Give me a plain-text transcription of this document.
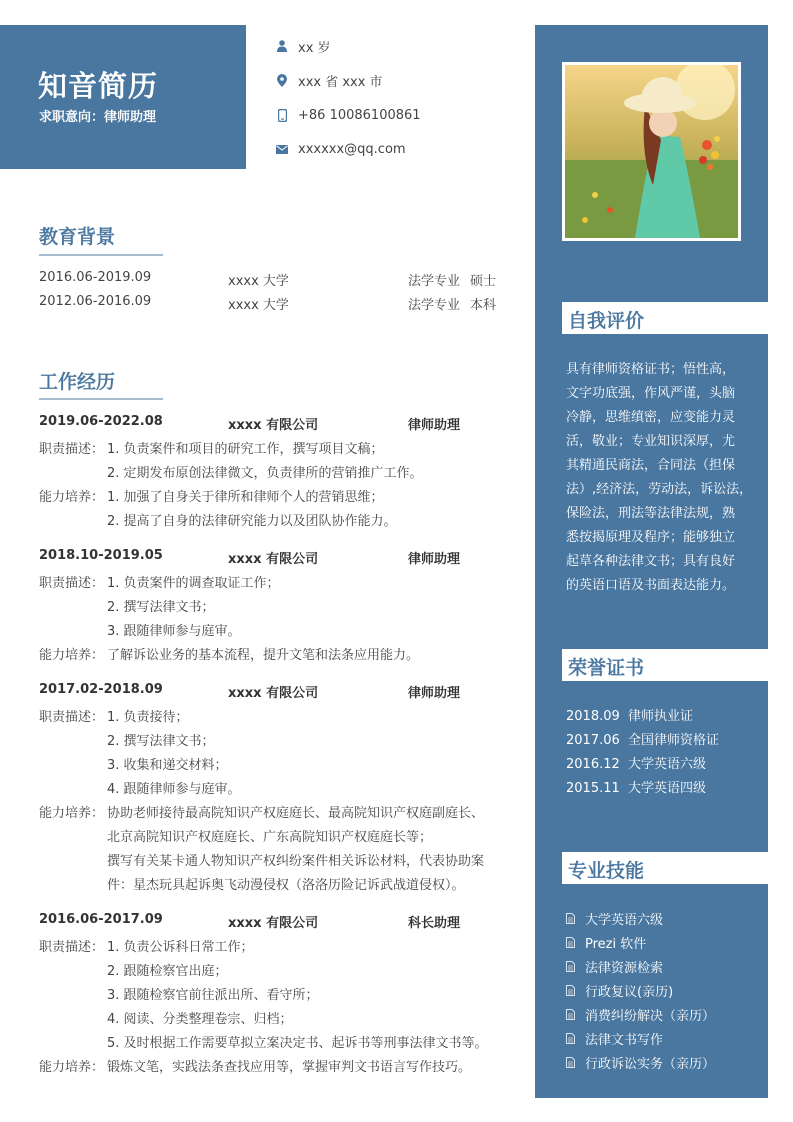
知音简历
求职意向：律师助理
xx 岁
xxx 省 xxx 市
+86 10086100861
xxxxxx@qq.com
教育背景
2016.06-2019.09	xxxx 大学	法学专业 硕士
2012.06-2016.09	xxxx 大学	法学专业 本科
工作经历
2019.06-2022.08	xxxx 有限公司	律师助理
职责描述： 1. 负责案件和项目的研究工作，撰写项目文稿；
2. 定期发布原创法律微文，负责律所的营销推广工作。
能力培养： 1. 加强了自身关于律所和律师个人的营销思维；
2. 提高了自身的法律研究能力以及团队协作能力。
2018.10-2019.05	xxxx 有限公司	律师助理
职责描述： 1. 负责案件的调查取证工作；
2. 撰写法律文书；
3. 跟随律师参与庭审。
能力培养： 了解诉讼业务的基本流程，提升文笔和法条应用能力。
2017.02-2018.09	xxxx 有限公司	律师助理
职责描述： 1. 负责接待；
2. 撰写法律文书；
3. 收集和递交材料；
4. 跟随律师参与庭审。
能力培养： 协助老师接待最高院知识产权庭庭长、最高院知识产权庭副庭长、
北京高院知识产权庭庭长、广东高院知识产权庭庭长等；
撰写有关某卡通人物知识产权纠纷案件相关诉讼材料，代表协助案
件：星杰玩具起诉奥飞动漫侵权（洛洛历险记诉武战道侵权）。
2016.06-2017.09	xxxx 有限公司	科长助理
职责描述： 1. 负责公诉科日常工作；
2. 跟随检察官出庭；
3. 跟随检察官前往派出所、看守所；
4. 阅读、分类整理卷宗、归档；
5. 及时根据工作需要草拟立案决定书、起诉书等刑事法律文书等。
能力培养： 锻炼文笔，实践法条查找应用等，掌握审判文书语言写作技巧。
自我评价
具有律师资格证书；悟性高，
文字功底强，作风严谨，头脑
冷静，思维缜密，应变能力灵
活，敬业；专业知识深厚，尤
其精通民商法，合同法（担保
法）,经济法，劳动法，诉讼法，
保险法，刑法等法律法规，熟
悉按揭原理及程序；能够独立
起草各种法律文书；具有良好
的英语口语及书面表达能力。
荣誉证书
2018.09 律师执业证
2017.06 全国律师资格证
2016.12 大学英语六级
2015.11 大学英语四级
专业技能
大学英语六级
Prezi 软件
法律资源检索
行政复议(亲历)
消费纠纷解决（亲历）
法律文书写作
行政诉讼实务（亲历）
